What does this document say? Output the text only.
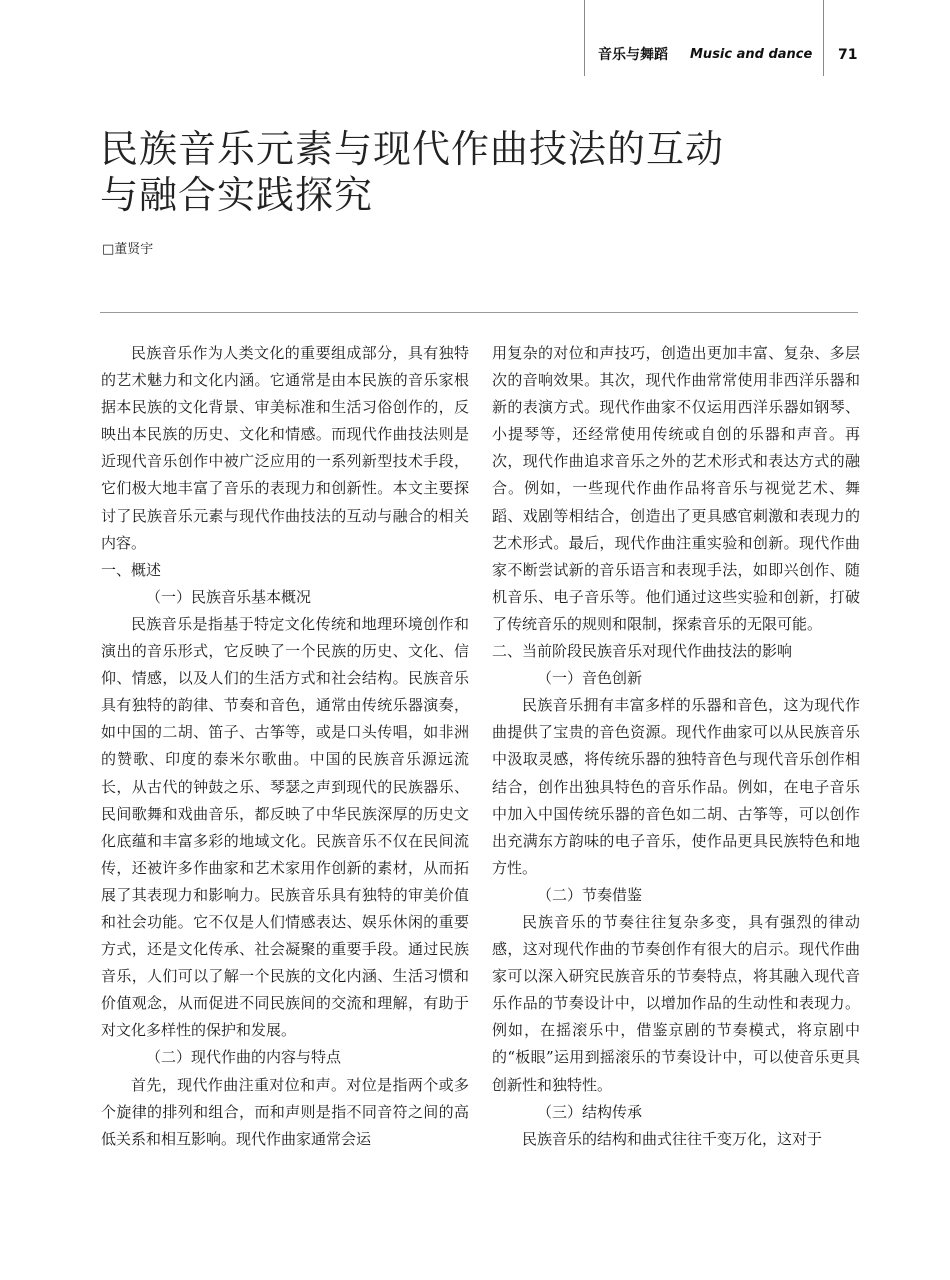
音乐与舞蹈 Music and dance 71
民族音乐元素与现代作曲技法的互动
与融合实践探究
□董贤宇

民族音乐作为人类文化的重要组成部分，具有独特的艺术魅力和文化内涵。它通常是由本民族的音乐家根据本民族的文化背景、审美标准和生活习俗创作的，反映出本民族的历史、文化和情感。而现代作曲技法则是近现代音乐创作中被广泛应用的一系列新型技术手段，它们极大地丰富了音乐的表现力和创新性。本文主要探讨了民族音乐元素与现代作曲技法的互动与融合的相关内容。

一、概述

（一）民族音乐基本概况

民族音乐是指基于特定文化传统和地理环境创作和演出的音乐形式，它反映了一个民族的历史、文化、信仰、情感，以及人们的生活方式和社会结构。民族音乐具有独特的韵律、节奏和音色，通常由传统乐器演奏，如中国的二胡、笛子、古筝等，或是口头传唱，如非洲的赞歌、印度的泰米尔歌曲。中国的民族音乐源远流长，从古代的钟鼓之乐、琴瑟之声到现代的民族器乐、民间歌舞和戏曲音乐，都反映了中华民族深厚的历史文化底蕴和丰富多彩的地域文化。民族音乐不仅在民间流传，还被许多作曲家和艺术家用作创新的素材，从而拓展了其表现力和影响力。民族音乐具有独特的审美价值和社会功能。它不仅是人们情感表达、娱乐休闲的重要方式，还是文化传承、社会凝聚的重要手段。通过民族音乐，人们可以了解一个民族的文化内涵、生活习惯和价值观念，从而促进不同民族间的交流和理解，有助于对文化多样性的保护和发展。

（二）现代作曲的内容与特点

首先，现代作曲注重对位和声。对位是指两个或多个旋律的排列和组合，而和声则是指不同音符之间的高低关系和相互影响。现代作曲家通常会运

用复杂的对位和声技巧，创造出更加丰富、复杂、多层次的音响效果。其次，现代作曲常常使用非西洋乐器和新的表演方式。现代作曲家不仅运用西洋乐器如钢琴、小提琴等，还经常使用传统或自创的乐器和声音。再次，现代作曲追求音乐之外的艺术形式和表达方式的融合。例如，一些现代作曲作品将音乐与视觉艺术、舞蹈、戏剧等相结合，创造出了更具感官刺激和表现力的艺术形式。最后，现代作曲注重实验和创新。现代作曲家不断尝试新的音乐语言和表现手法，如即兴创作、随机音乐、电子音乐等。他们通过这些实验和创新，打破了传统音乐的规则和限制，探索音乐的无限可能。

二、当前阶段民族音乐对现代作曲技法的影响

（一）音色创新

民族音乐拥有丰富多样的乐器和音色，这为现代作曲提供了宝贵的音色资源。现代作曲家可以从民族音乐中汲取灵感，将传统乐器的独特音色与现代音乐创作相结合，创作出独具特色的音乐作品。例如，在电子音乐中加入中国传统乐器的音色如二胡、古筝等，可以创作出充满东方韵味的电子音乐，使作品更具民族特色和地方性。

（二）节奏借鉴

民族音乐的节奏往往复杂多变，具有强烈的律动感，这对现代作曲的节奏创作有很大的启示。现代作曲家可以深入研究民族音乐的节奏特点，将其融入现代音乐作品的节奏设计中，以增加作品的生动性和表现力。例如，在摇滚乐中，借鉴京剧的节奏模式，将京剧中的“板眼”运用到摇滚乐的节奏设计中，可以使音乐更具创新性和独特性。

（三）结构传承

民族音乐的结构和曲式往往千变万化，这对于
